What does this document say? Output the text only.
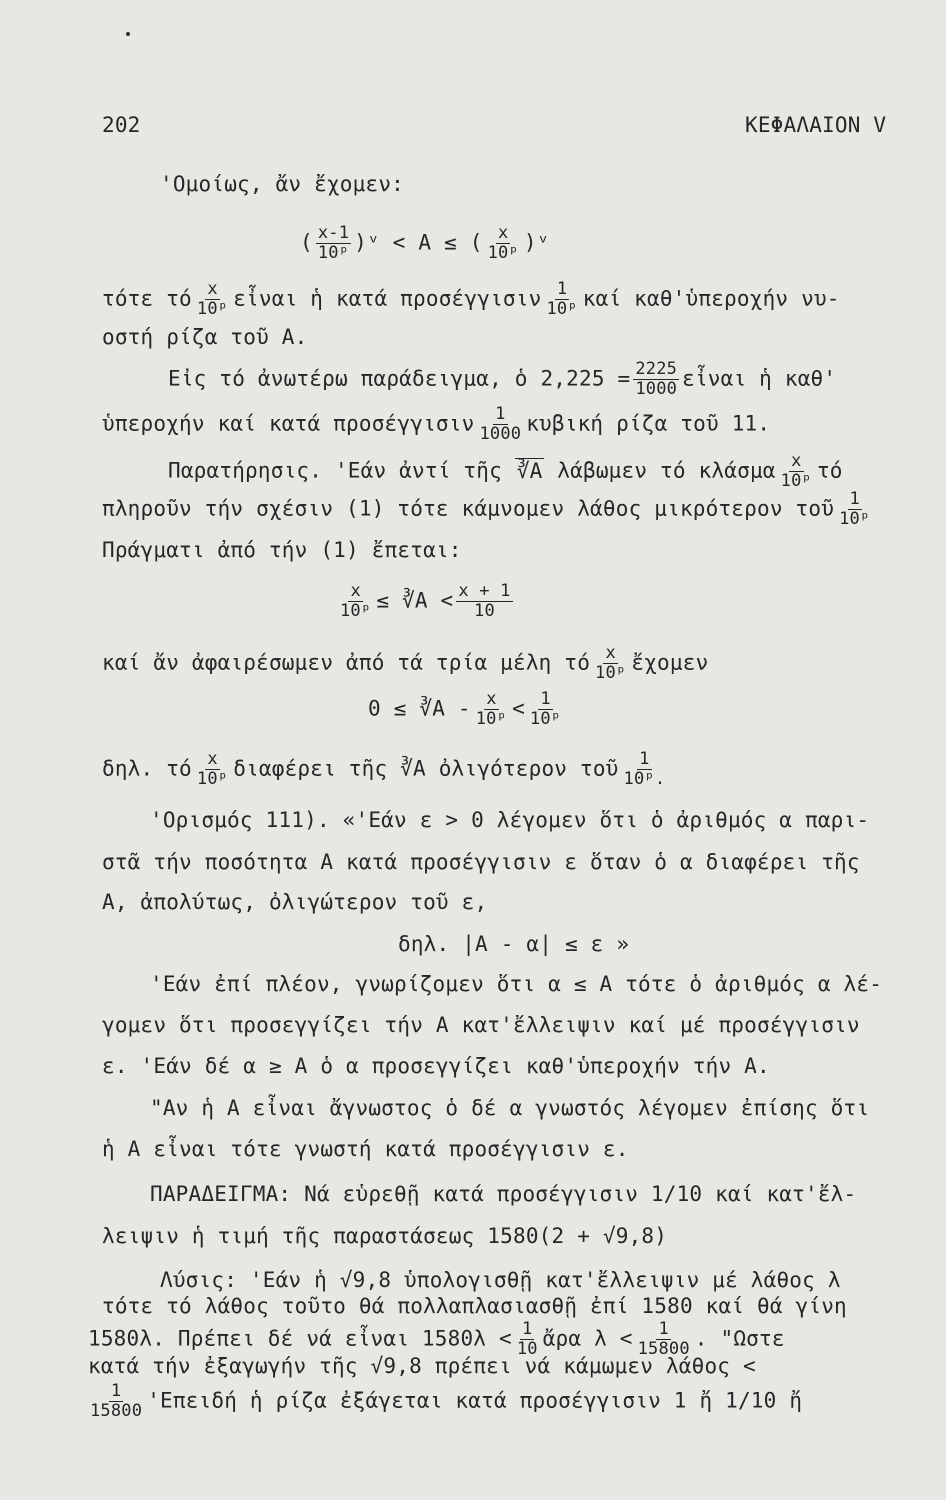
202	ΚΕΦΑΛΑΙΟΝ V
'Ομοίως, ἄν ἔχομεν:
( $\frac{x-1}{\text{10ᵖ}}$ )ᵛ < A ≤ ( $\frac{x}{\text{10ᵖ}}$ )ᵛ
τότε τό $\frac{x}{\text{10ᵖ}}$ εἶναι ἡ κατά προσέγγισιν $\frac{1}{\text{10ᵖ}}$ καί καθ'ὑπεροχήν νυ-
οστή ρίζα τοῦ Α.
Εἰς τό ἀνωτέρω παράδειγμα, ὁ $2,225 = \frac{2225}{1000}$ εἶναι ἡ καθ'
ὑπεροχήν καί κατά προσέγγισιν $\frac{1}{1000}$ κυβική ρίζα τοῦ 11.
Παρατήρησις. 'Εάν ἀντί τῆς ∛A λάβωμεν τό κλάσμα $\frac{x}{\text{10ᵖ}}$ τό
πληροῦν τήν σχέσιν (1) τότε κάμνομεν λάθος μικρότερον τοῦ $\frac{1}{\text{10ᵖ}}$
Πράγματι ἀπό τήν (1) ἔπεται:
$\frac{x}{\text{10ᵖ}}$ ≤ ∛A < $\frac{x + 1}{10}$
καί ἄν ἀφαιρέσωμεν ἀπό τά τρία μέλη τό $\frac{x}{\text{10ᵖ}}$ ἔχομεν
0 ≤ ∛A - $\frac{x}{\text{10ᵖ}} < \frac{1}{\text{10ᵖ}}$
δηλ. τό $\frac{x}{\text{10ᵖ}}$ διαφέρει τῆς ∛A ὀλιγότερον τοῦ $\frac{1}{\text{10ᵖ.}}$
'Ορισμός 111). «'Εάν ε > 0 λέγομεν ὅτι ὁ ἀριθμός α παρι-
στᾶ τήν ποσότητα Α κατά προσέγγισιν ε ὅταν ὁ α διαφέρει τῆς
Α, ἀπολύτως, ὀλιγώτερον τοῦ ε,
δηλ. |A - α| ≤ ε »
'Εάν ἐπί πλέον, γνωρίζομεν ὅτι α ≤ Α τότε ὁ ἀριθμός α λέ-
γομεν ὅτι προσεγγίζει τήν Α κατ'ἔλλειψιν καί μέ προσέγγισιν
ε. 'Εάν δέ α ≥ Α ὁ α προσεγγίζει καθ'ὑπεροχήν τήν Α.
"Αν ἡ Α εἶναι ἄγνωστος ὁ δέ α γνωστός λέγομεν ἐπίσης ὅτι
ἡ Α εἶναι τότε γνωστή κατά προσέγγισιν ε.
ΠΑΡΑΔΕΙΓΜΑ: Νά εὑρεθῇ κατά προσέγγισιν 1/10 καί κατ'ἔλ-
λειψιν ἡ τιμή τῆς παραστάσεως 1580(2 + √9,8)
Λύσις: 'Εάν ἡ √9,8 ὑπολογισθῇ κατ'ἔλλειψιν μέ λάθος λ
τότε τό λάθος τοῦτο θά πολλαπλασιασθῇ ἐπί 1580 καί θά γίνη
1580λ. Πρέπει δέ νά εἶναι $1580\lambda < \frac{1}{10}$ ἄρα $\lambda < \frac{1}{15800}$ . "Ωστε
κατά τήν ἐξαγωγήν τῆς √9,8 πρέπει νά κάμωμεν λάθος <
$\frac{1}{15800}$ 'Επειδή ἡ ρίζα ἐξάγεται κατά προσέγγισιν 1 ἤ 1/10 ἤ
